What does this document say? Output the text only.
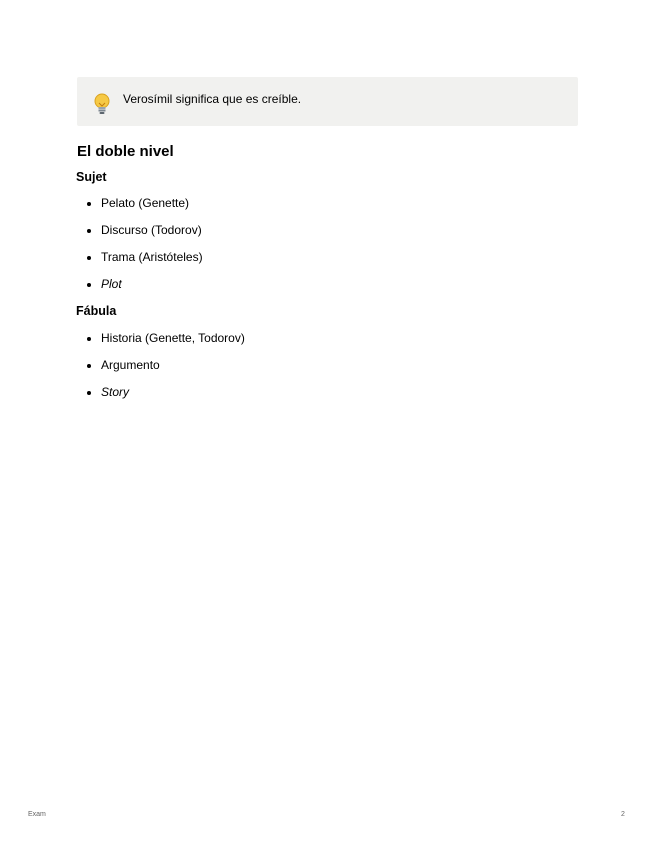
Verosímil significa que es creíble.
El doble nivel

Sujet

Pelato (Genette)
Discurso (Todorov)
Trama (Aristóteles)
Plot

Fábula

Historia (Genette, Todorov)
Argumento
Story
Exam	2
